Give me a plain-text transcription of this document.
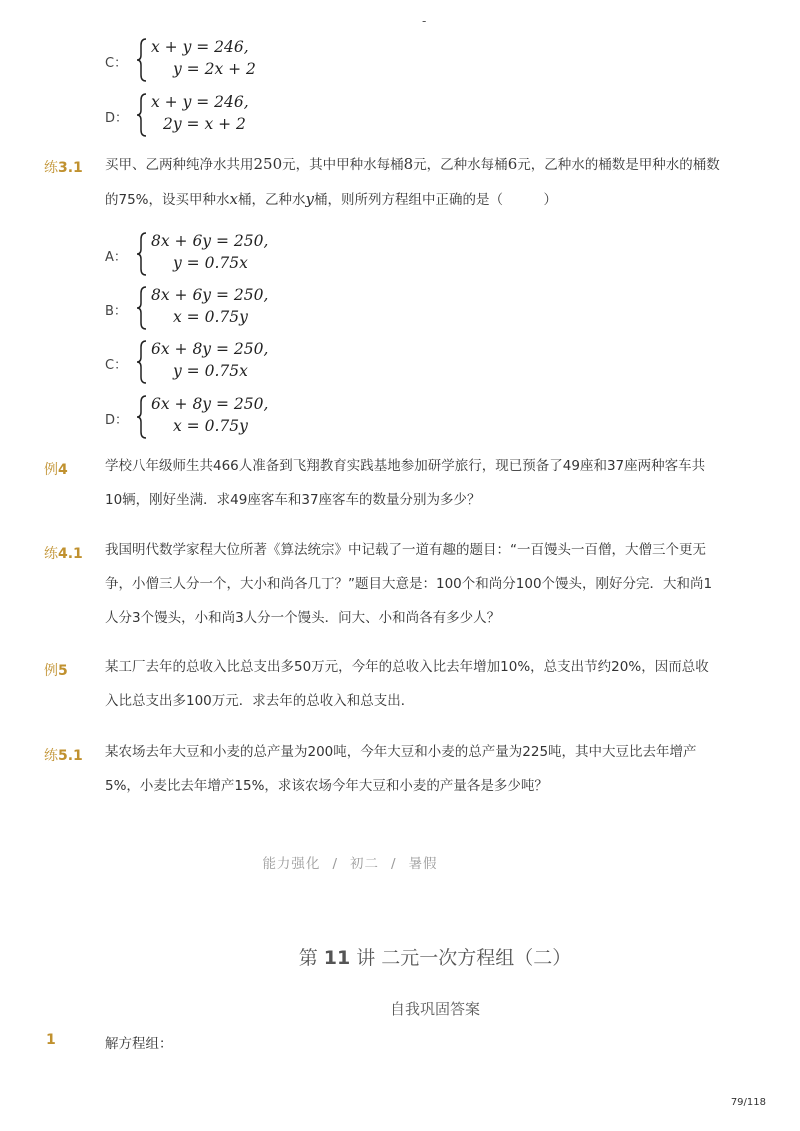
-
C：
x + y = 246,
y = 2x + 2
D：
x + y = 246,
2y = x + 2
练3.1 买甲、乙两种纯净水共用250元，其中甲种水每桶8元，乙种水每桶6元，乙种水的桶数是甲种水的桶数的75%，设买甲种水x桶，乙种水y桶，则所列方程组中正确的是（　　　）
A：
8x + 6y = 250,
y = 0.75x
B：
8x + 6y = 250,
x = 0.75y
C：
6x + 8y = 250,
y = 0.75x
D：
6x + 8y = 250,
x = 0.75y
例4	学校八年级师生共466人准备到飞翔教育实践基地参加研学旅行，现已预备了49座和37座两种客车共10辆，刚好坐满．求49座客车和37座客车的数量分别为多少？
练4.1 我国明代数学家程大位所著《算法统宗》中记载了一道有趣的题目：“一百馒头一百僧，大僧三个更无争，小僧三人分一个，大小和尚各几丁？”题目大意是：100个和尚分100个馒头，刚好分完．大和尚1人分3个馒头，小和尚3人分一个馒头．问大、小和尚各有多少人？
例5	某工厂去年的总收入比总支出多50万元，今年的总收入比去年增加10%，总支出节约20%，因而总收入比总支出多100万元．求去年的总收入和总支出．
练5.1 某农场去年大豆和小麦的总产量为200吨，今年大豆和小麦的总产量为225吨，其中大豆比去年增产5%，小麦比去年增产15%，求该农场今年大豆和小麦的产量各是多少吨？
能力强化 / 初二 / 暑假
第 11 讲 二元一次方程组（二）
自我巩固答案
1	解方程组：
79/118
